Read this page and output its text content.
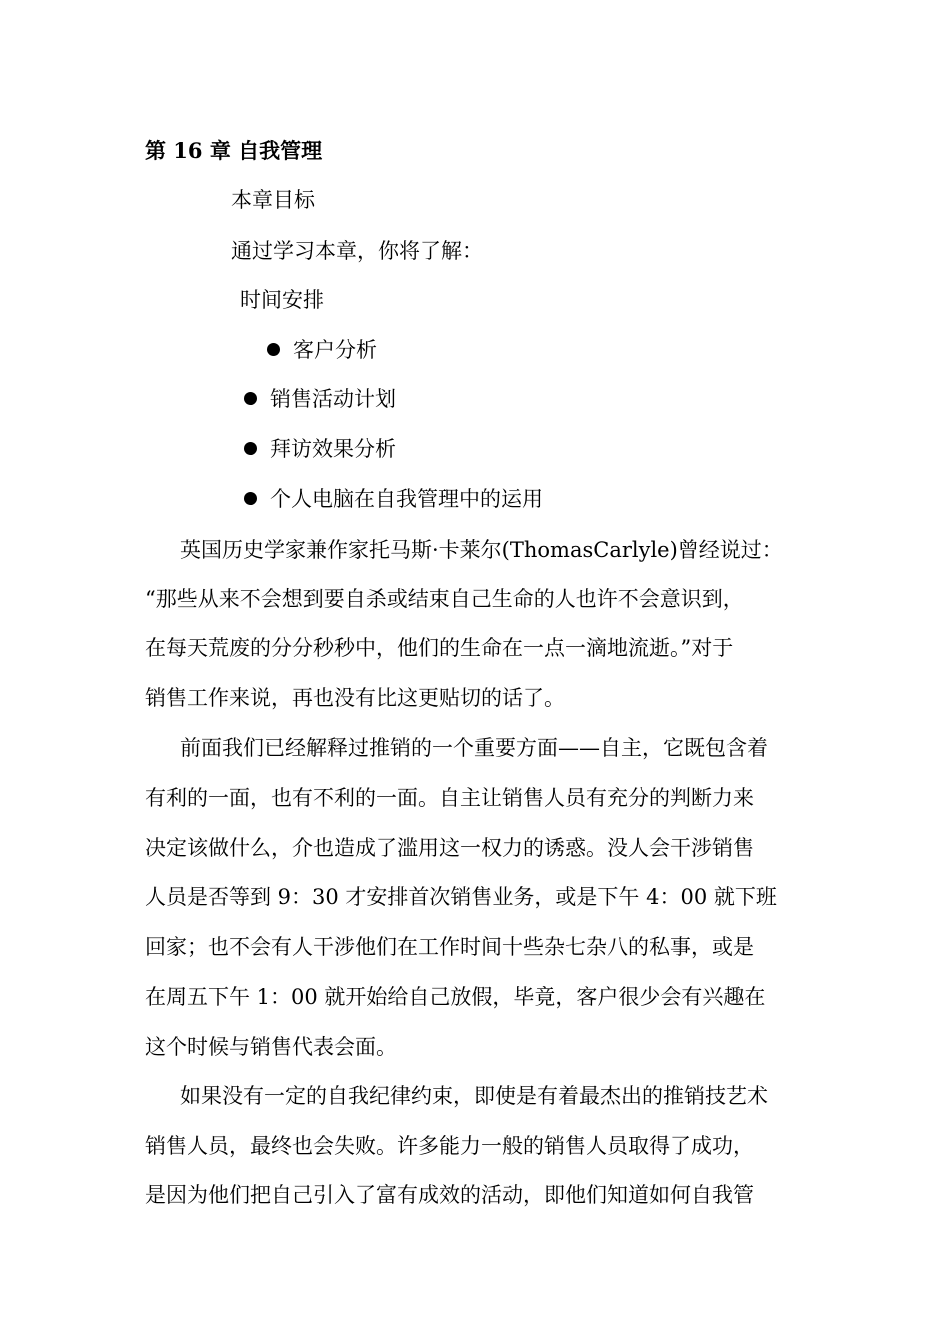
第 16 章 自我管理
本章目标
通过学习本章，你将了解：
时间安排
客户分析
销售活动计划
拜访效果分析
个人电脑在自我管理中的运用
英国历史学家兼作家托马斯·卡莱尔(ThomasCarlyle)曾经说过：
“那些从来不会想到要自杀或结束自己生命的人也许不会意识到，
在每天荒废的分分秒秒中，他们的生命在一点一滴地流逝。”对于
销售工作来说，再也没有比这更贴切的话了。
前面我们已经解释过推销的一个重要方面——自主，它既包含着
有利的一面，也有不利的一面。自主让销售人员有充分的判断力来
决定该做什么，介也造成了滥用这一权力的诱惑。没人会干涉销售
人员是否等到 9：30 才安排首次销售业务，或是下午 4：00 就下班
回家；也不会有人干涉他们在工作时间十些杂七杂八的私事，或是
在周五下午 1：00 就开始给自己放假，毕竟，客户很少会有兴趣在
这个时候与销售代表会面。
如果没有一定的自我纪律约束，即使是有着最杰出的推销技艺术
销售人员，最终也会失败。许多能力一般的销售人员取得了成功，
是因为他们把自己引入了富有成效的活动，即他们知道如何自我管
